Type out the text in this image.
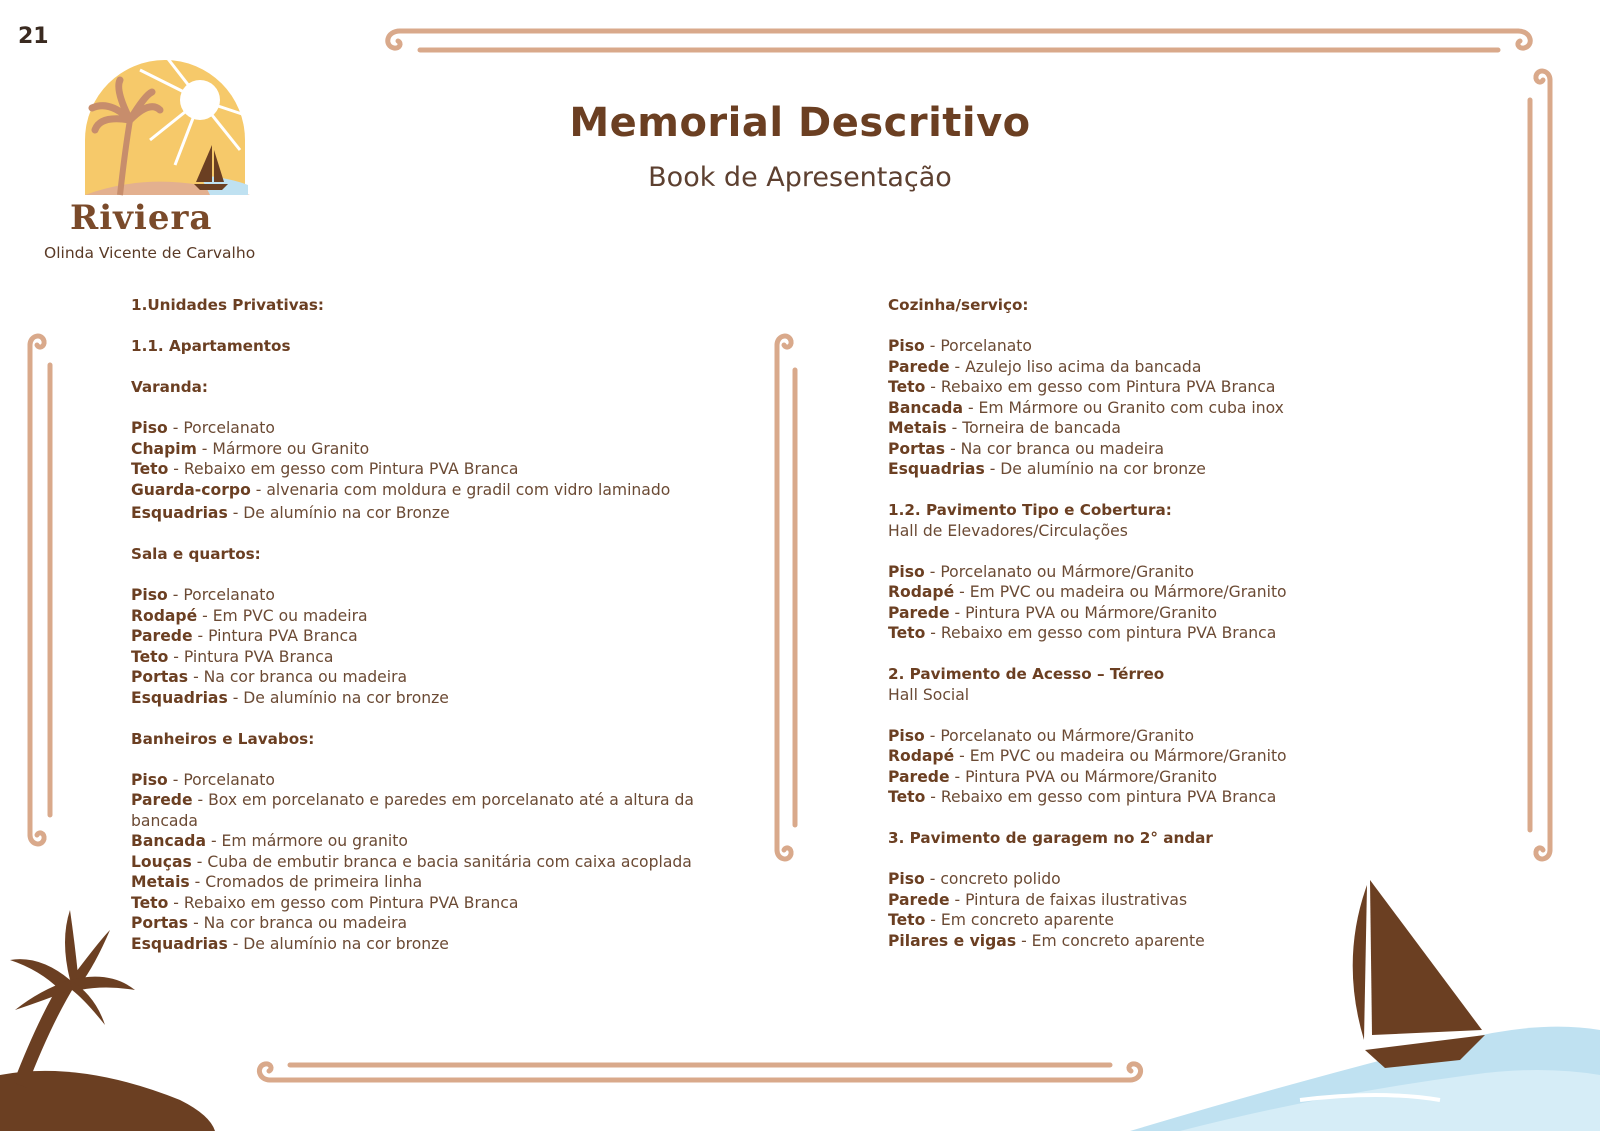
21
Memorial Descritivo
Book de Apresentação
Riviera
Olinda Vicente de Carvalho
1.Unidades Privativas:
1.1. Apartamentos
Varanda:
Piso - Porcelanato
Chapim - Mármore ou Granito
Teto - Rebaixo em gesso com Pintura PVA Branca
Guarda-corpo - alvenaria com moldura e gradil com vidro laminado
Esquadrias - De alumínio na cor Bronze
Sala e quartos:
Piso - Porcelanato
Rodapé - Em PVC ou madeira
Parede - Pintura PVA Branca
Teto - Pintura PVA Branca
Portas - Na cor branca ou madeira
Esquadrias - De alumínio na cor bronze
Banheiros e Lavabos:
Piso - Porcelanato
Parede - Box em porcelanato e paredes em porcelanato até a altura da bancada
Bancada - Em mármore ou granito
Louças - Cuba de embutir branca e bacia sanitária com caixa acoplada
Metais - Cromados de primeira linha
Teto - Rebaixo em gesso com Pintura PVA Branca
Portas - Na cor branca ou madeira
Esquadrias - De alumínio na cor bronze
Cozinha/serviço:
Piso - Porcelanato
Parede - Azulejo liso acima da bancada
Teto - Rebaixo em gesso com Pintura PVA Branca
Bancada - Em Mármore ou Granito com cuba inox
Metais - Torneira de bancada
Portas - Na cor branca ou madeira
Esquadrias - De alumínio na cor bronze
1.2. Pavimento Tipo e Cobertura:
Hall de Elevadores/Circulações
Piso - Porcelanato ou Mármore/Granito
Rodapé - Em PVC ou madeira ou Mármore/Granito
Parede - Pintura PVA ou Mármore/Granito
Teto - Rebaixo em gesso com pintura PVA Branca
2. Pavimento de Acesso – Térreo
Hall Social
Piso - Porcelanato ou Mármore/Granito
Rodapé - Em PVC ou madeira ou Mármore/Granito
Parede - Pintura PVA ou Mármore/Granito
Teto - Rebaixo em gesso com pintura PVA Branca
3. Pavimento de garagem no 2° andar
Piso - concreto polido
Parede - Pintura de faixas ilustrativas
Teto - Em concreto aparente
Pilares e vigas - Em concreto aparente
